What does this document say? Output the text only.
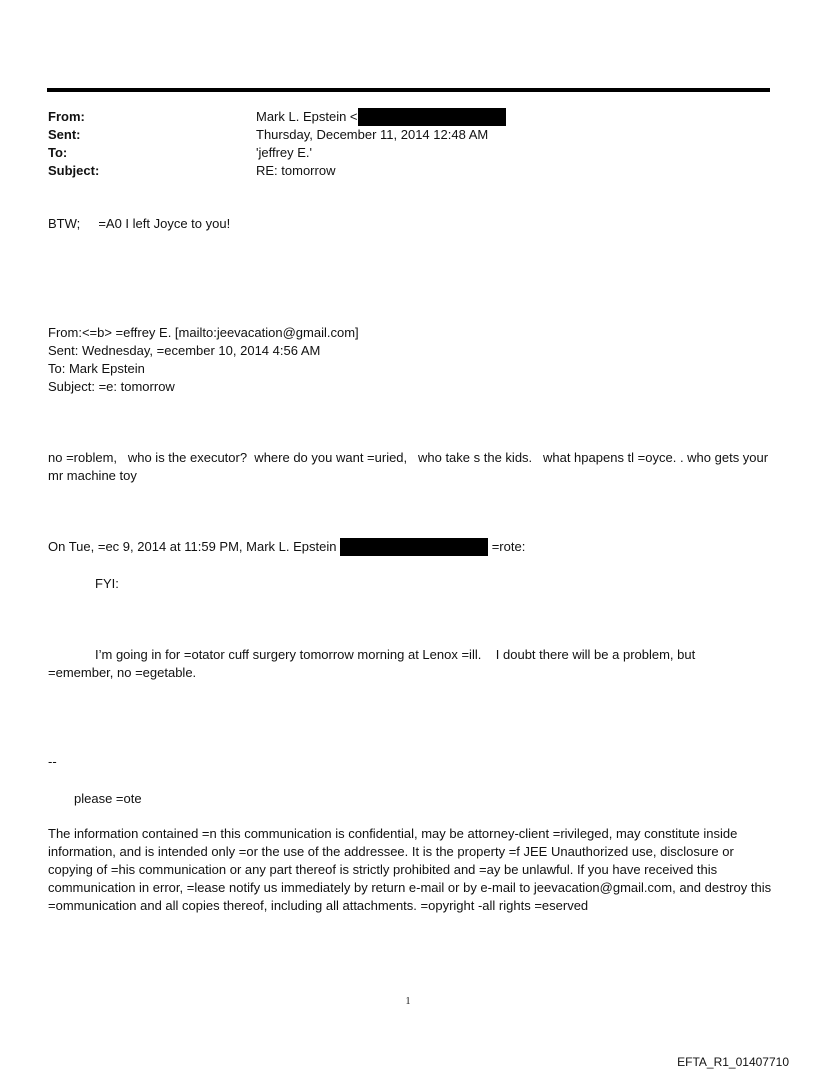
From:	Mark L. Epstein <
Sent:	Thursday, December 11, 2014 12:48 AM
To:	'jeffrey E.'
Subject:	RE: tomorrow
BTW;     =A0 I left Joyce to you!
From:<=b> =effrey E. [mailto:jeevacation@gmail.com]
Sent: Wednesday, =ecember 10, 2014 4:56 AM
To: Mark Epstein
Subject: =e: tomorrow
no =roblem,   who is the executor?  where do you want =uried,   who take s the kids.   what hpapens tl =oyce. . who gets your mr machine toy
On Tue, =ec 9, 2014 at 11:59 PM, Mark L. Epstein	=rote:
FYI:
I’m going in for =otator cuff surgery tomorrow morning at Lenox =ill.    I doubt there will be a problem, but
=emember, no =egetable.
--
please =ote
The information contained =n this communication is confidential, may be attorney-client =rivileged, may constitute inside information, and is intended only =or the use of the addressee. It is the property =f JEE Unauthorized use, disclosure or copying of =his communication or any part thereof is strictly prohibited and =ay be unlawful. If you have received this communication in error, =lease notify us immediately by return e-mail or by e-mail to jeevacation@gmail.com, and destroy this =ommunication and all copies thereof, including all attachments. =opyright -all rights =eserved
1
EFTA_R1_01407710
